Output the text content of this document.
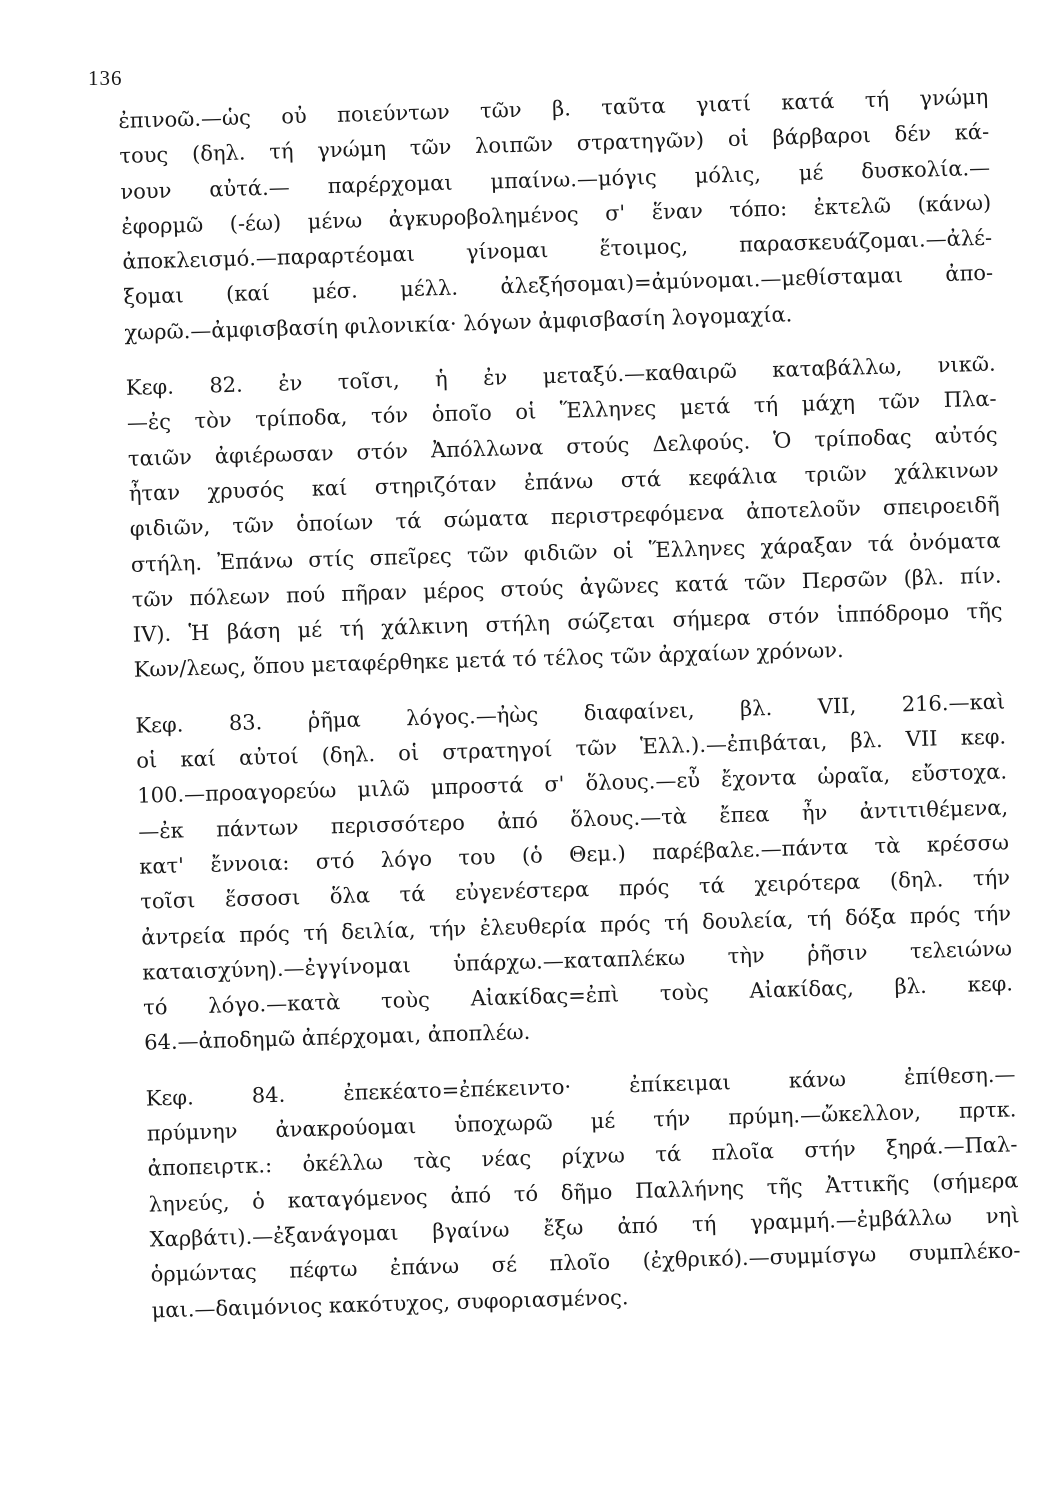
136
ἐπινοῶ.—ὡς οὐ ποιεύντων τῶν β. ταῦτα γιατί κατά τή γνώμη
τους (δηλ. τή γνώμη τῶν λοιπῶν στρατηγῶν) οἱ βάρβαροι δέν κά-
νουν αὐτά.— παρέρχομαι μπαίνω.—μόγις μόλις, μέ δυσκολία.—
ἐφορμῶ (-έω) μένω ἀγκυροβολημένος σ' ἕναν τόπο: ἐκτελῶ (κάνω)
ἀποκλεισμό.—παραρτέομαι γίνομαι ἕτοιμος, παρασκευάζομαι.—ἀλέ-
ξομαι (καί μέσ. μέλλ. ἀλεξήσομαι)=ἀμύνομαι.—μεθίσταμαι ἀπο-
χωρῶ.—ἀμφισβασίη φιλονικία· λόγων ἀμφισβασίη λογομαχία.
Κεφ. 82. ἐν τοῖσι, ἡ ἐν μεταξύ.—καθαιρῶ καταβάλλω, νικῶ.
—ἐς τὸν τρίποδα, τόν ὁποῖο οἱ Ἕλληνες μετά τή μάχη τῶν Πλα-
ταιῶν ἀφιέρωσαν στόν Ἀπόλλωνα στούς Δελφούς. Ὁ τρίποδας αὐτός
ἦταν χρυσός καί στηριζόταν ἐπάνω στά κεφάλια τριῶν χάλκινων
φιδιῶν, τῶν ὁποίων τά σώματα περιστρεφόμενα ἀποτελοῦν σπειροειδῆ
στήλη. Ἐπάνω στίς σπεῖρες τῶν φιδιῶν οἱ Ἕλληνες χάραξαν τά ὀνόματα
τῶν πόλεων πού πῆραν μέρος στούς ἀγῶνες κατά τῶν Περσῶν (βλ. πίν.
IV). Ἡ βάση μέ τή χάλκινη στήλη σώζεται σήμερα στόν ἱππόδρομο τῆς
Κων/λεως, ὅπου μεταφέρθηκε μετά τό τέλος τῶν ἀρχαίων χρόνων.
Κεφ. 83. ῥῆμα λόγος.—ἠὼς διαφαίνει, βλ. VII, 216.—καὶ
οἱ καί αὐτοί (δηλ. οἱ στρατηγοί τῶν Ἑλλ.).—ἐπιβάται, βλ. VII κεφ.
100.—προαγορεύω μιλῶ μπροστά σ' ὅλους.—εὖ ἔχοντα ὡραῖα, εὔστοχα.
—ἐκ πάντων περισσότερο ἀπό ὅλους.—τὰ ἔπεα ἦν ἀντιτιθέμενα,
κατ' ἔννοια: στό λόγο του (ὁ Θεμ.) παρέβαλε.—πάντα τὰ κρέσσω
τοῖσι ἕσσοσι ὅλα τά εὐγενέστερα πρός τά χειρότερα (δηλ. τήν
ἀντρεία πρός τή δειλία, τήν ἐλευθερία πρός τή δουλεία, τή δόξα πρός τήν
καταισχύνη).—ἐγγίνομαι ὑπάρχω.—καταπλέκω τὴν ῥῆσιν τελειώνω
τό λόγο.—κατὰ τοὺς Αἰακίδας=ἐπὶ τοὺς Αἰακίδας, βλ. κεφ.
64.—ἀποδημῶ ἀπέρχομαι, ἀποπλέω.
Κεφ. 84. ἐπεκέατο=ἐπέκειντο· ἐπίκειμαι κάνω ἐπίθεση.—
πρύμνην ἀνακρούομαι ὑποχωρῶ μέ τήν πρύμη.—ὤκελλον, πρτκ.
ἀποπειρτκ.: ὀκέλλω τὰς νέας ρίχνω τά πλοῖα στήν ξηρά.—Παλ-
ληνεύς, ὁ καταγόμενος ἀπό τό δῆμο Παλλήνης τῆς Ἀττικῆς (σήμερα
Χαρβάτι).—ἐξανάγομαι βγαίνω ἔξω ἀπό τή γραμμή.—ἐμβάλλω νηὶ
ὁρμώντας πέφτω ἐπάνω σέ πλοῖο (ἐχθρικό).—συμμίσγω συμπλέκο-
μαι.—δαιμόνιος κακότυχος, συφοριασμένος.
